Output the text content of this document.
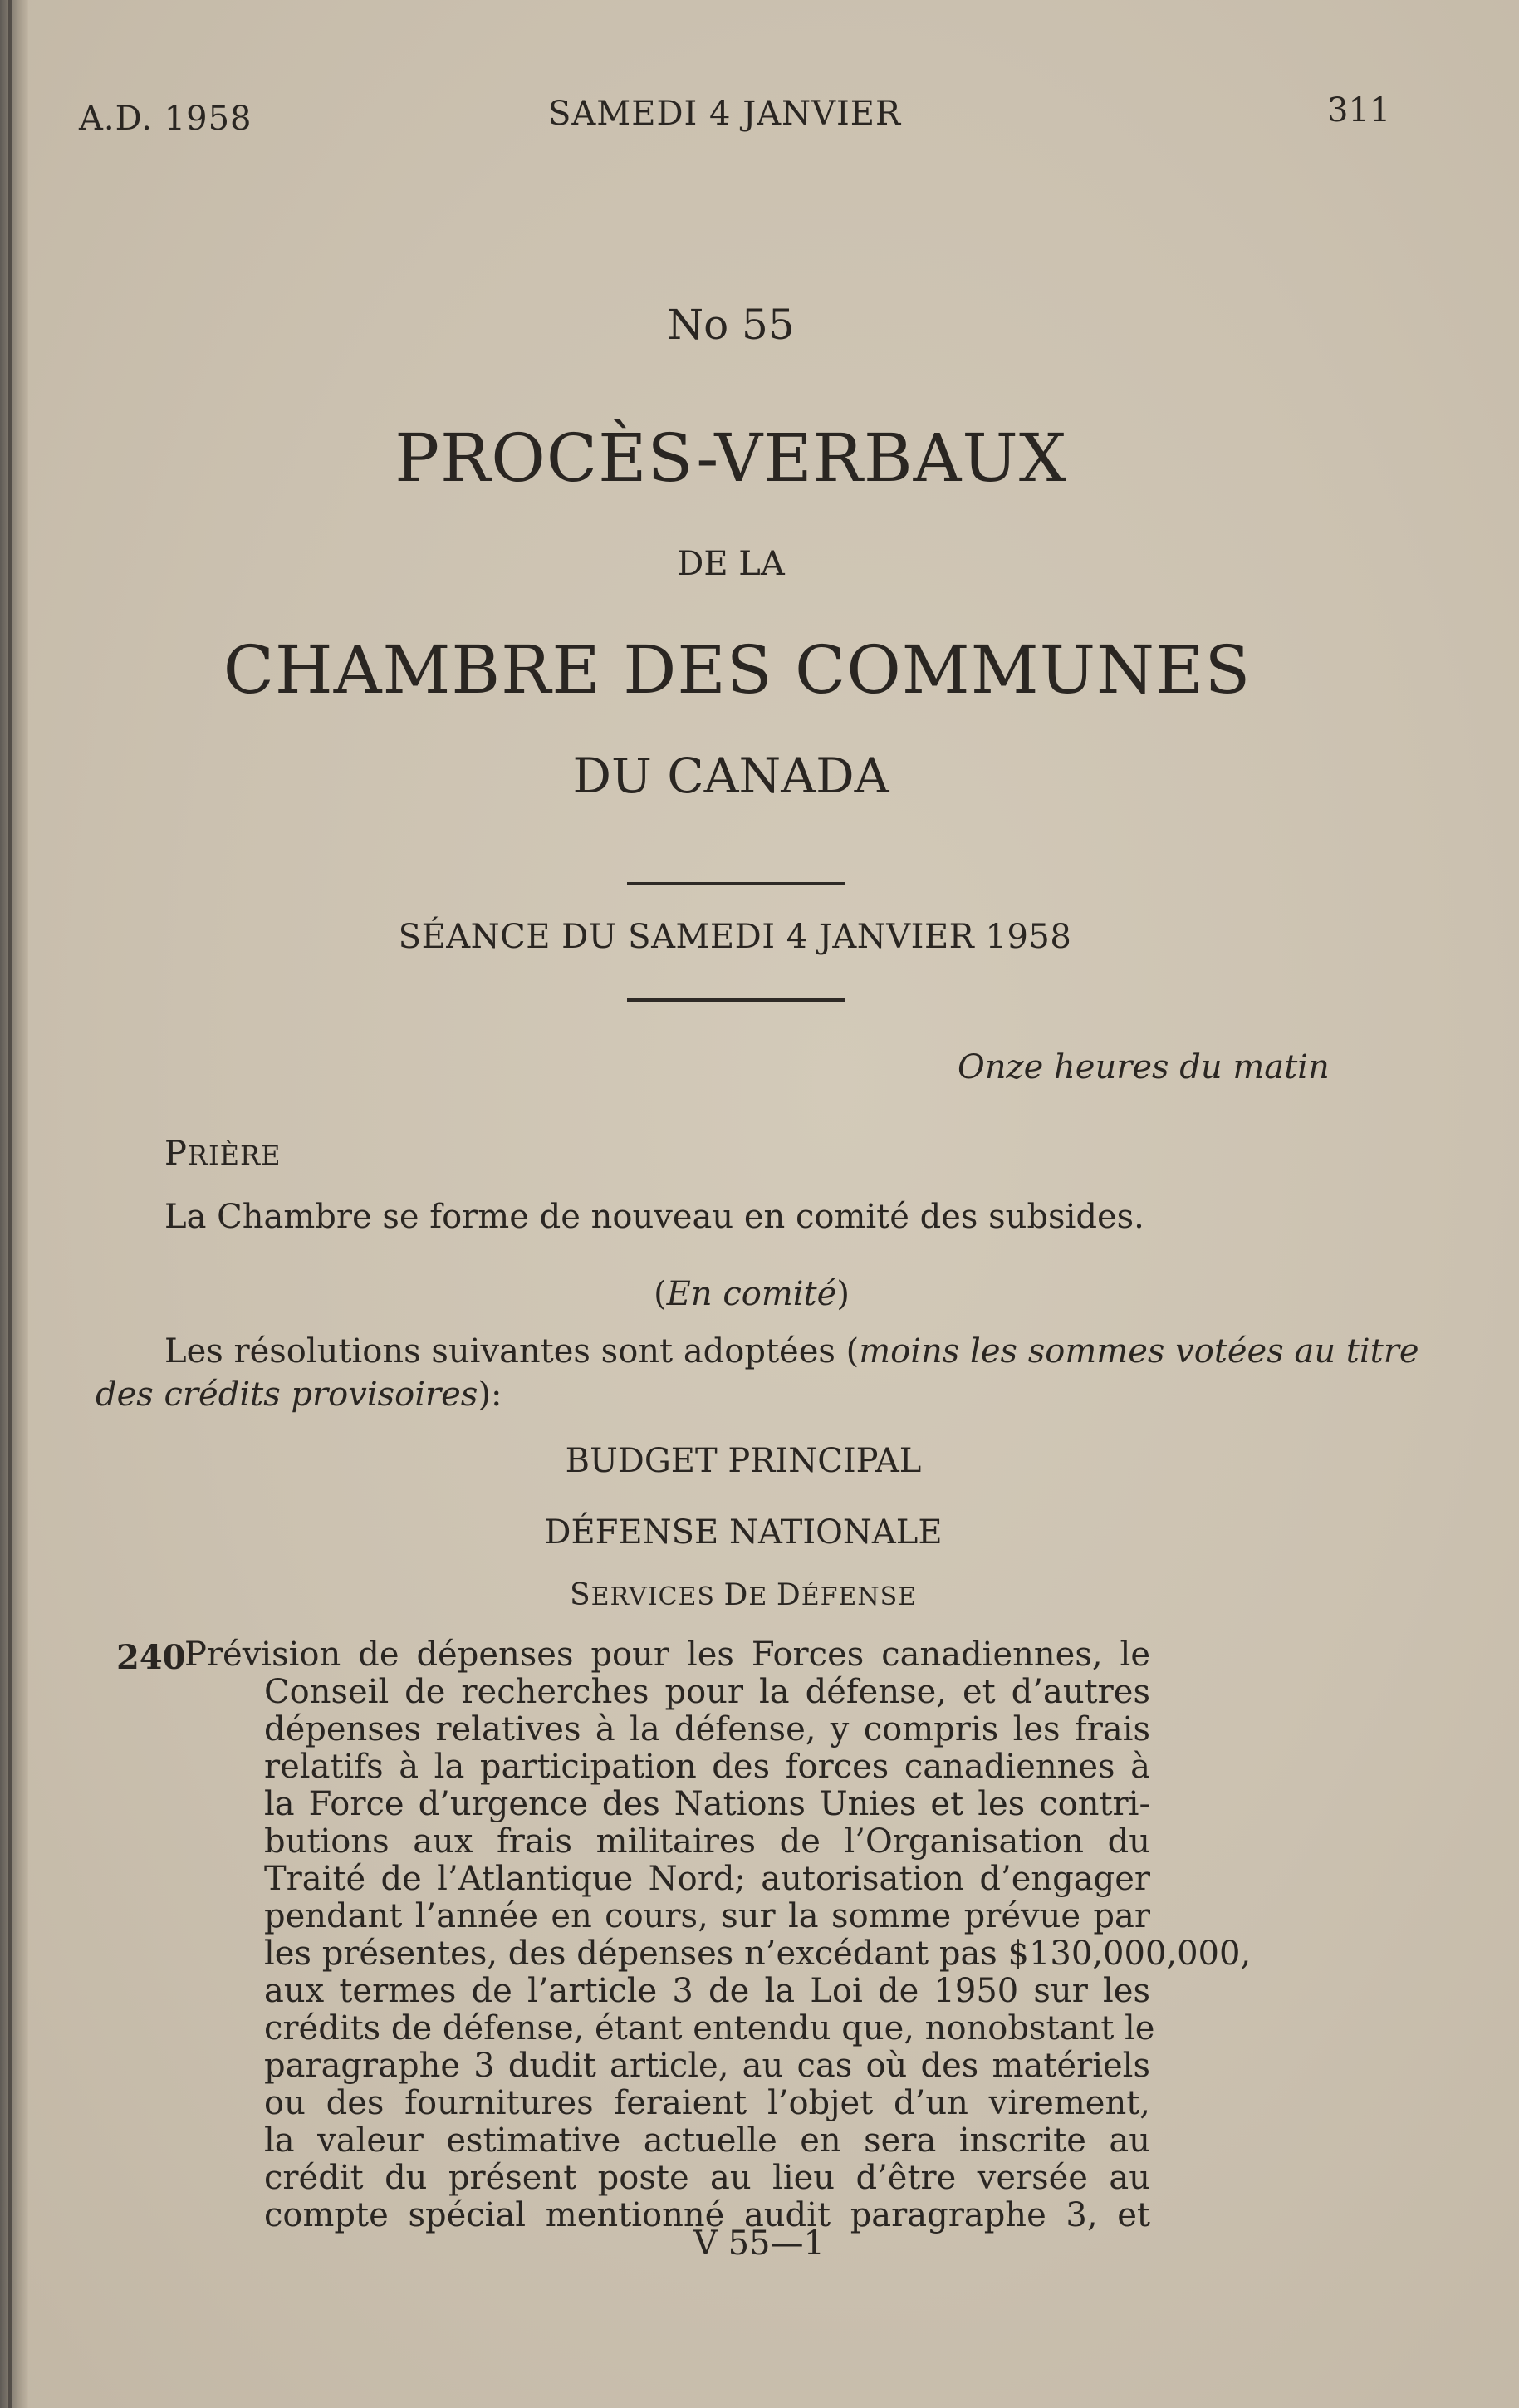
A.D. 1958	SAMEDI 4 JANVIER	311
No 55
PROCÈS-VERBAUX
DE LA
CHAMBRE DES COMMUNES
DU CANADA
SÉANCE DU SAMEDI 4 JANVIER 1958
Onze heures du matin
PRIÈRE
La Chambre se forme de nouveau en comité des subsides.
(En comité)
Les résolutions suivantes sont adoptées (moins les sommes votées au titre
des crédits provisoires):
BUDGET PRINCIPAL
DÉFENSE NATIONALE
SERVICES DE DÉFENSE
240
Prévision de dépenses pour les Forces canadiennes, le
Conseil de recherches pour la défense, et d’autres
dépenses relatives à la défense, y compris les frais
relatifs à la participation des forces canadiennes à
la Force d’urgence des Nations Unies et les contri-
butions aux frais militaires de l’Organisation du
Traité de l’Atlantique Nord; autorisation d’engager
pendant l’année en cours, sur la somme prévue par
les présentes, des dépenses n’excédant pas $130,000,000,
aux termes de l’article 3 de la Loi de 1950 sur les
crédits de défense, étant entendu que, nonobstant le
paragraphe 3 dudit article, au cas où des matériels
ou des fournitures feraient l’objet d’un virement,
la valeur estimative actuelle en sera inscrite au
crédit du présent poste au lieu d’être versée au
compte spécial mentionné audit paragraphe 3, et
V 55—1
